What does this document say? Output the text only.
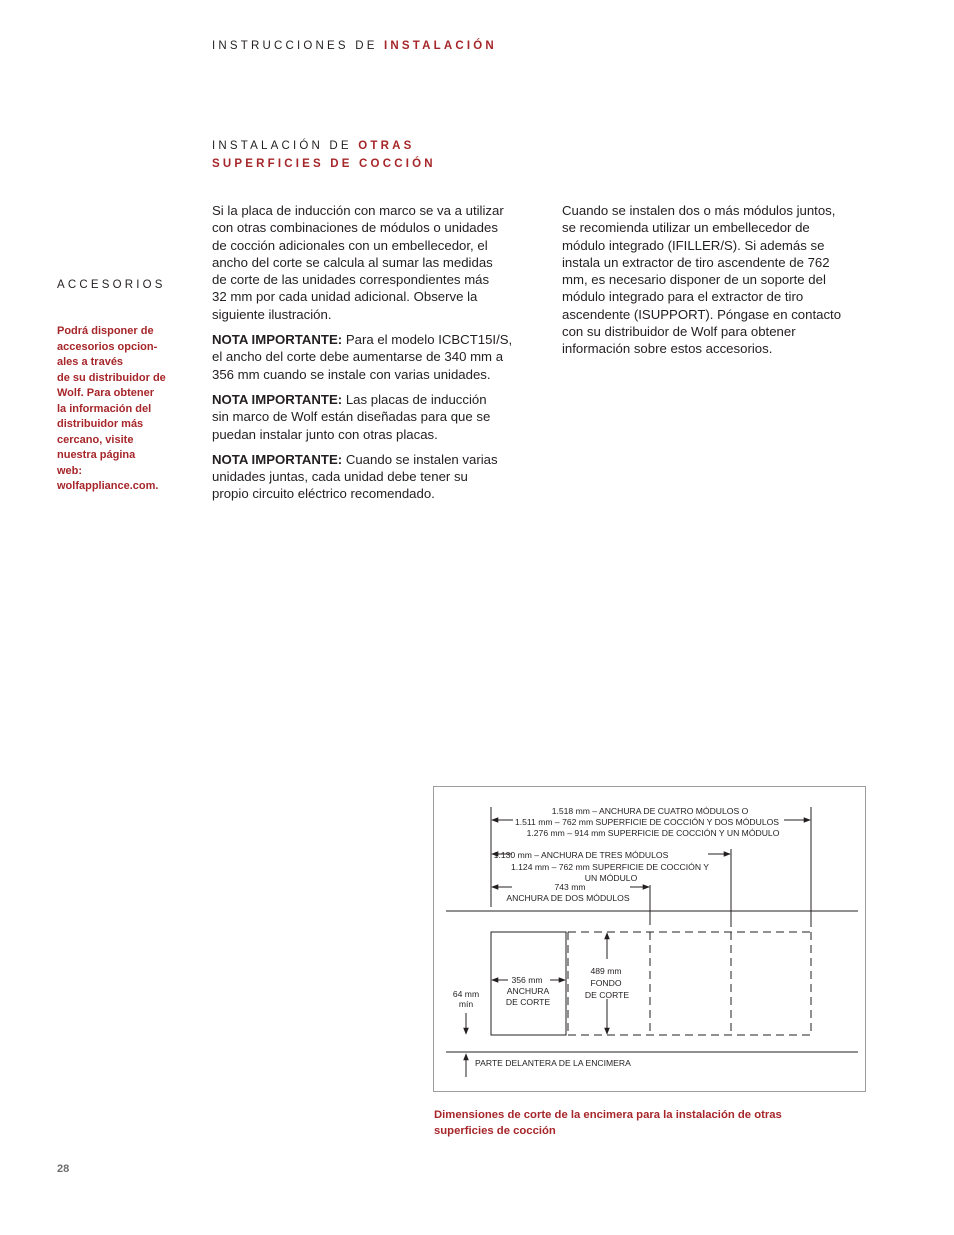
INSTRUCCIONES DE INSTALACIÓN
INSTALACIÓN DE OTRAS
SUPERFICIES DE COCCIÓN
ACCESORIOS
Podrá disponer de
accesorios opcion-
ales a través
de su distribuidor de
Wolf. Para obtener
la información del
distribuidor más
cercano, visite
nuestra página
web:
wolfappliance.com.

Si la placa de inducción con marco se va a utilizar
con otras combinaciones de módulos o unidades
de cocción adicionales con un embellecedor, el
ancho del corte se calcula al sumar las medidas
de corte de las unidades correspondientes más
32 mm por cada unidad adicional. Observe la
siguiente ilustración.

NOTA IMPORTANTE: Para el modelo ICBCT15I/S,
el ancho del corte debe aumentarse de 340 mm a
356 mm cuando se instale con varias unidades.

NOTA IMPORTANTE: Las placas de inducción
sin marco de Wolf están diseñadas para que se
puedan instalar junto con otras placas.

NOTA IMPORTANTE: Cuando se instalen varias
unidades juntas, cada unidad debe tener su
propio circuito eléctrico recomendado.

Cuando se instalen dos o más módulos juntos,
se recomienda utilizar un embellecedor de
módulo integrado (IFILLER/S). Si además se
instala un extractor de tiro ascendente de 762
mm, es necesario disponer de un soporte del
módulo integrado para el extractor de tiro
ascendente (ISUPPORT). Póngase en contacto
con su distribuidor de Wolf para obtener
información sobre estos accesorios.

1.518 mm – ANCHURA DE CUATRO MÓDULOS O
1.511 mm – 762 mm SUPERFICIE DE COCCIÓN Y DOS MÓDULOS
1.276 mm – 914 mm SUPERFICIE DE COCCIÓN Y UN MÓDULO
1.130 mm – ANCHURA DE TRES MÓDULOS
1.124 mm – 762 mm SUPERFICIE DE COCCIÓN Y
UN MÓDULO
743 mm
ANCHURA DE DOS MÓDULOS
64 mm
mín
356 mm
ANCHURA
DE CORTE
489 mm
FONDO
DE CORTE
PARTE DELANTERA DE LA ENCIMERA
Dimensiones de corte de la encimera para la instalación de otras
superficies de cocción
28
